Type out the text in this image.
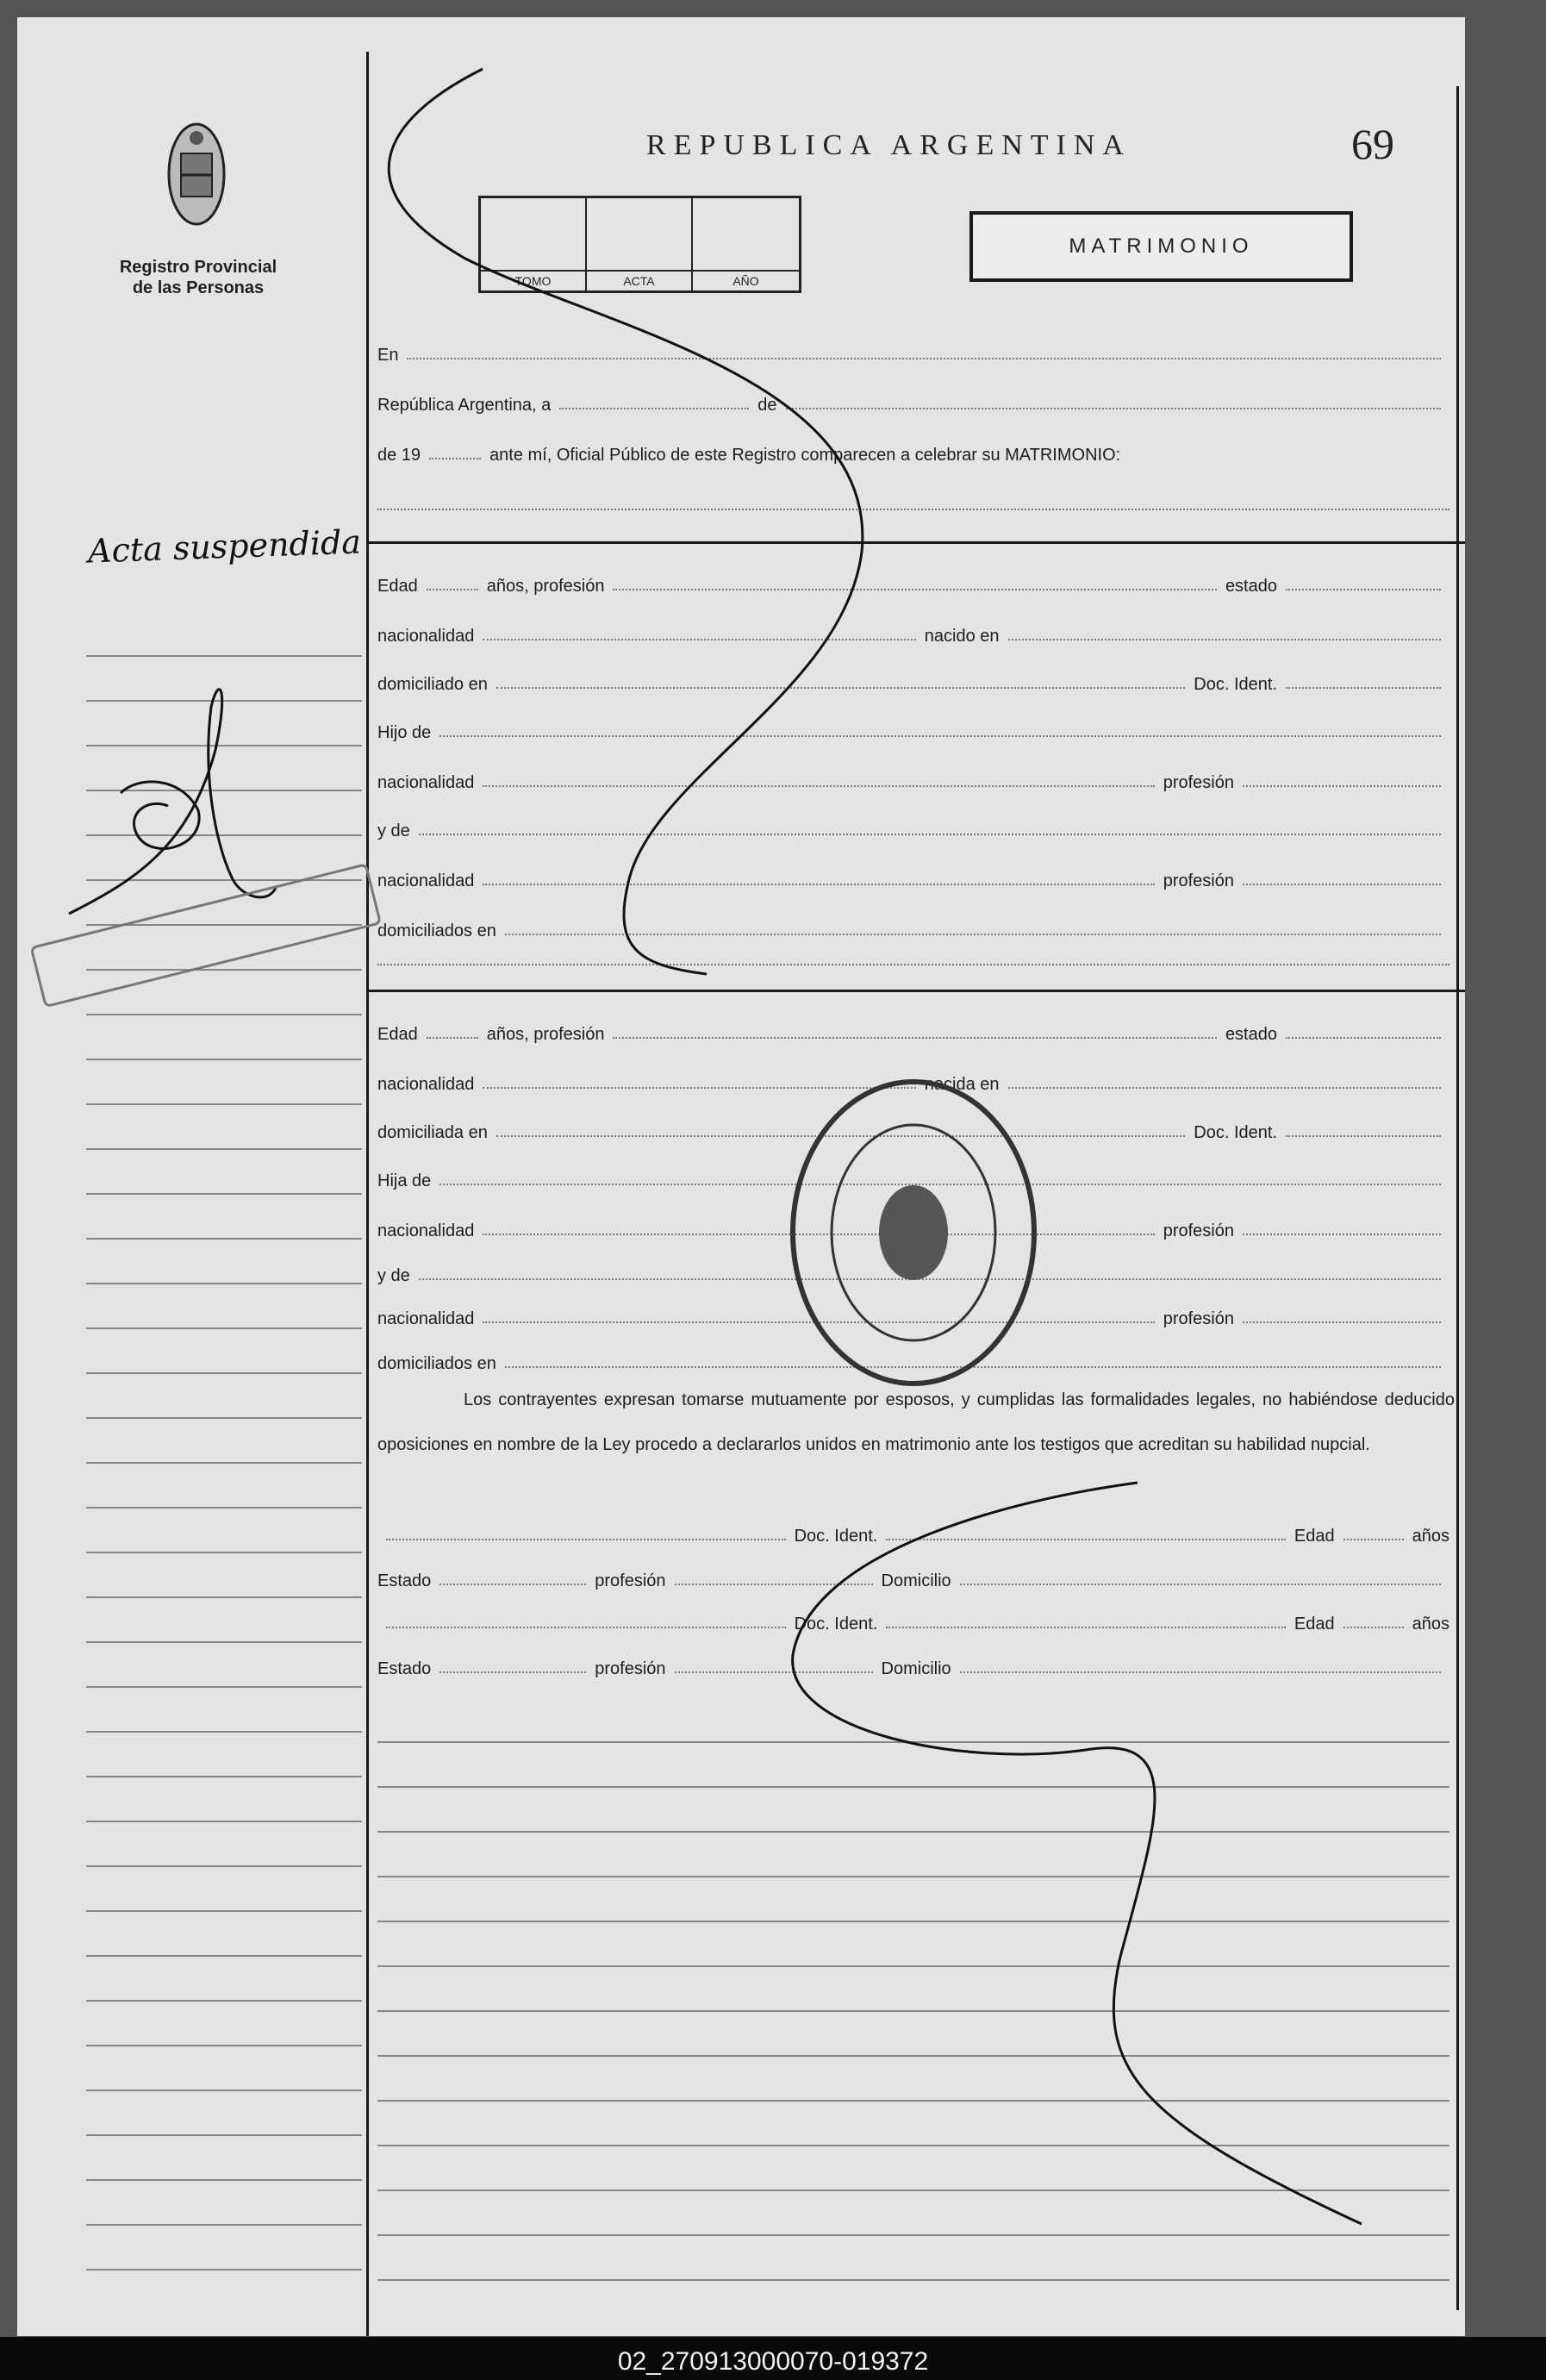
Registro Provincial
de las Personas
REPUBLICA ARGENTINA	69
TOMO	ACTA	AÑO
MATRIMONIO
En
República Argentina, a	de
de 19	ante mí, Oficial Público de este Registro comparecen a celebrar su MATRIMONIO:
Edad	años, profesión	estado
nacionalidad	nacido en
domiciliado en	Doc. Ident.
Hijo de
nacionalidad	profesión
y de
nacionalidad	profesión
domiciliados en
Edad	años, profesión	estado
nacionalidad	nacida en
domiciliada en	Doc. Ident.
Hija de
nacionalidad	profesión
y de
nacionalidad	profesión
domiciliados en

Los contrayentes expresan tomarse mutuamente por esposos, y cumplidas las formalidades legales, no habiéndose deducido oposiciones en nombre de la Ley procedo a declararlos unidos en matrimonio ante los testigos que acreditan su habilidad nupcial.

Doc. Ident.	Edad	años
Estado	profesión	Domicilio
Doc. Ident.	Edad	años
Estado	profesión	Domicilio
Acta suspendida
02_270913000070-019372
